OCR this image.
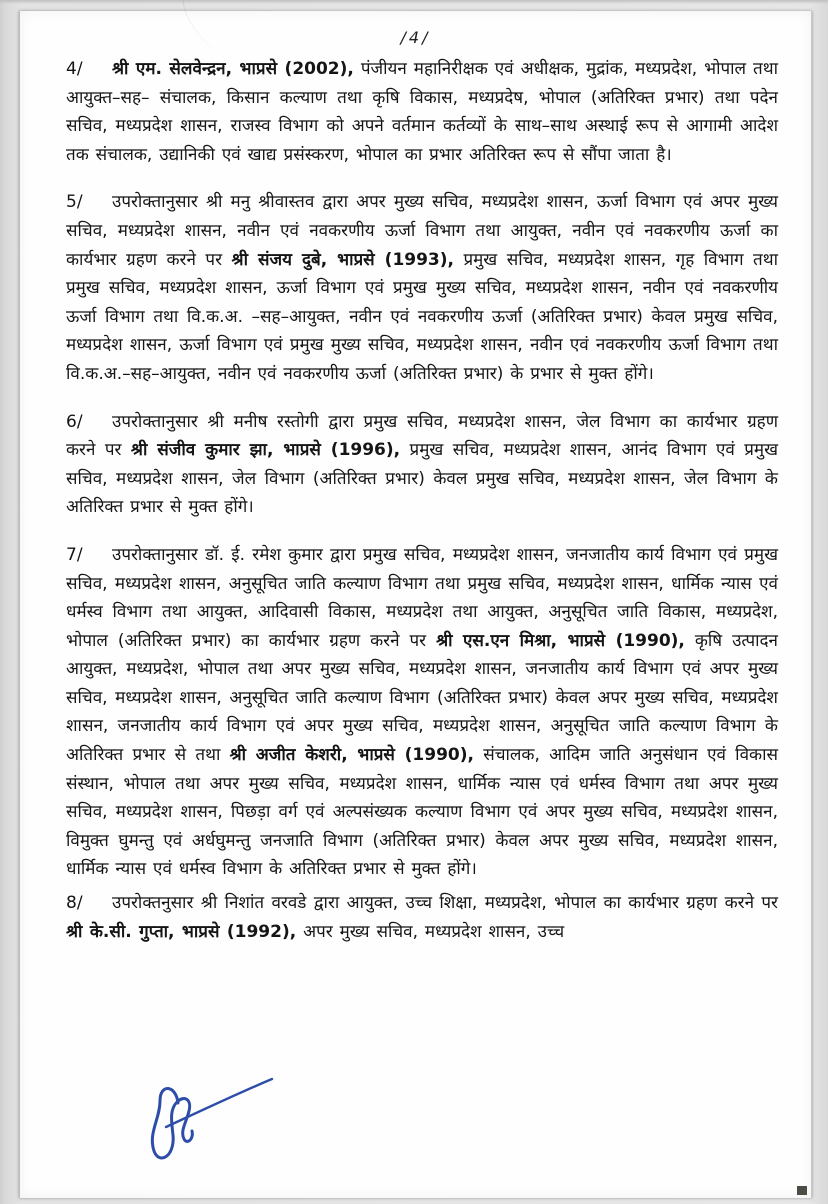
/4/

4/ श्री एम. सेलवेन्द्रन, भाप्रसे (2002), पंजीयन महानिरीक्षक एवं अधीक्षक, मुद्रांक, मध्यप्रदेश, भोपाल तथा आयुक्त–सह– संचालक, किसान कल्याण तथा कृषि विकास, मध्यप्रदेष, भोपाल (अतिरिक्त प्रभार) तथा पदेन सचिव, मध्यप्रदेश शासन, राजस्व विभाग को अपने वर्तमान कर्तव्यों के साथ–साथ अस्थाई रूप से आगामी आदेश तक संचालक, उद्यानिकी एवं खाद्य प्रसंस्करण, भोपाल का प्रभार अतिरिक्त रूप से सौंपा जाता है।

5/ उपरोक्तानुसार श्री मनु श्रीवास्तव द्वारा अपर मुख्य सचिव, मध्यप्रदेश शासन, ऊर्जा विभाग एवं अपर मुख्य सचिव, मध्यप्रदेश शासन, नवीन एवं नवकरणीय ऊर्जा विभाग तथा आयुक्त, नवीन एवं नवकरणीय ऊर्जा का कार्यभार ग्रहण करने पर श्री संजय दुबे, भाप्रसे (1993), प्रमुख सचिव, मध्यप्रदेश शासन, गृह विभाग तथा प्रमुख सचिव, मध्यप्रदेश शासन, ऊर्जा विभाग एवं प्रमुख मुख्य सचिव, मध्यप्रदेश शासन, नवीन एवं नवकरणीय ऊर्जा विभाग तथा वि.क.अ. –सह–आयुक्त, नवीन एवं नवकरणीय ऊर्जा (अतिरिक्त प्रभार) केवल प्रमुख सचिव, मध्यप्रदेश शासन, ऊर्जा विभाग एवं प्रमुख मुख्य सचिव, मध्यप्रदेश शासन, नवीन एवं नवकरणीय ऊर्जा विभाग तथा वि.क.अ.–सह–आयुक्त, नवीन एवं नवकरणीय ऊर्जा (अतिरिक्त प्रभार) के प्रभार से मुक्त होंगे।

6/ उपरोक्तानुसार श्री मनीष रस्तोगी द्वारा प्रमुख सचिव, मध्यप्रदेश शासन, जेल विभाग का कार्यभार ग्रहण करने पर श्री संजीव कुमार झा, भाप्रसे (1996), प्रमुख सचिव, मध्यप्रदेश शासन, आनंद विभाग एवं प्रमुख सचिव, मध्यप्रदेश शासन, जेल विभाग (अतिरिक्त प्रभार) केवल प्रमुख सचिव, मध्यप्रदेश शासन, जेल विभाग के अतिरिक्त प्रभार से मुक्त होंगे।

7/ उपरोक्तानुसार डॉ. ई. रमेश कुमार द्वारा प्रमुख सचिव, मध्यप्रदेश शासन, जनजातीय कार्य विभाग एवं प्रमुख सचिव, मध्यप्रदेश शासन, अनुसूचित जाति कल्याण विभाग तथा प्रमुख सचिव, मध्यप्रदेश शासन, धार्मिक न्यास एवं धर्मस्व विभाग तथा आयुक्त, आदिवासी विकास, मध्यप्रदेश तथा आयुक्त, अनुसूचित जाति विकास, मध्यप्रदेश, भोपाल (अतिरिक्त प्रभार) का कार्यभार ग्रहण करने पर श्री एस.एन मिश्रा, भाप्रसे (1990), कृषि उत्पादन आयुक्त, मध्यप्रदेश, भोपाल तथा अपर मुख्य सचिव, मध्यप्रदेश शासन, जनजातीय कार्य विभाग एवं अपर मुख्य सचिव, मध्यप्रदेश शासन, अनुसूचित जाति कल्याण विभाग (अतिरिक्त प्रभार) केवल अपर मुख्य सचिव, मध्यप्रदेश शासन, जनजातीय कार्य विभाग एवं अपर मुख्य सचिव, मध्यप्रदेश शासन, अनुसूचित जाति कल्याण विभाग के अतिरिक्त प्रभार से तथा श्री अजीत केशरी, भाप्रसे (1990), संचालक, आदिम जाति अनुसंधान एवं विकास संस्थान, भोपाल तथा अपर मुख्य सचिव, मध्यप्रदेश शासन, धार्मिक न्यास एवं धर्मस्व विभाग तथा अपर मुख्य सचिव, मध्यप्रदेश शासन, पिछड़ा वर्ग एवं अल्पसंख्यक कल्याण विभाग एवं अपर मुख्य सचिव, मध्यप्रदेश शासन, विमुक्त घुमन्तु एवं अर्धघुमन्तु जनजाति विभाग (अतिरिक्त प्रभार) केवल अपर मुख्य सचिव, मध्यप्रदेश शासन, धार्मिक न्यास एवं धर्मस्व विभाग के अतिरिक्त प्रभार से मुक्त होंगे।

8/ उपरोक्तनुसार श्री निशांत वरवडे द्वारा आयुक्त, उच्च शिक्षा, मध्यप्रदेश, भोपाल का कार्यभार ग्रहण करने पर श्री के.सी. गुप्ता, भाप्रसे (1992), अपर मुख्य सचिव, मध्यप्रदेश शासन, उच्च
